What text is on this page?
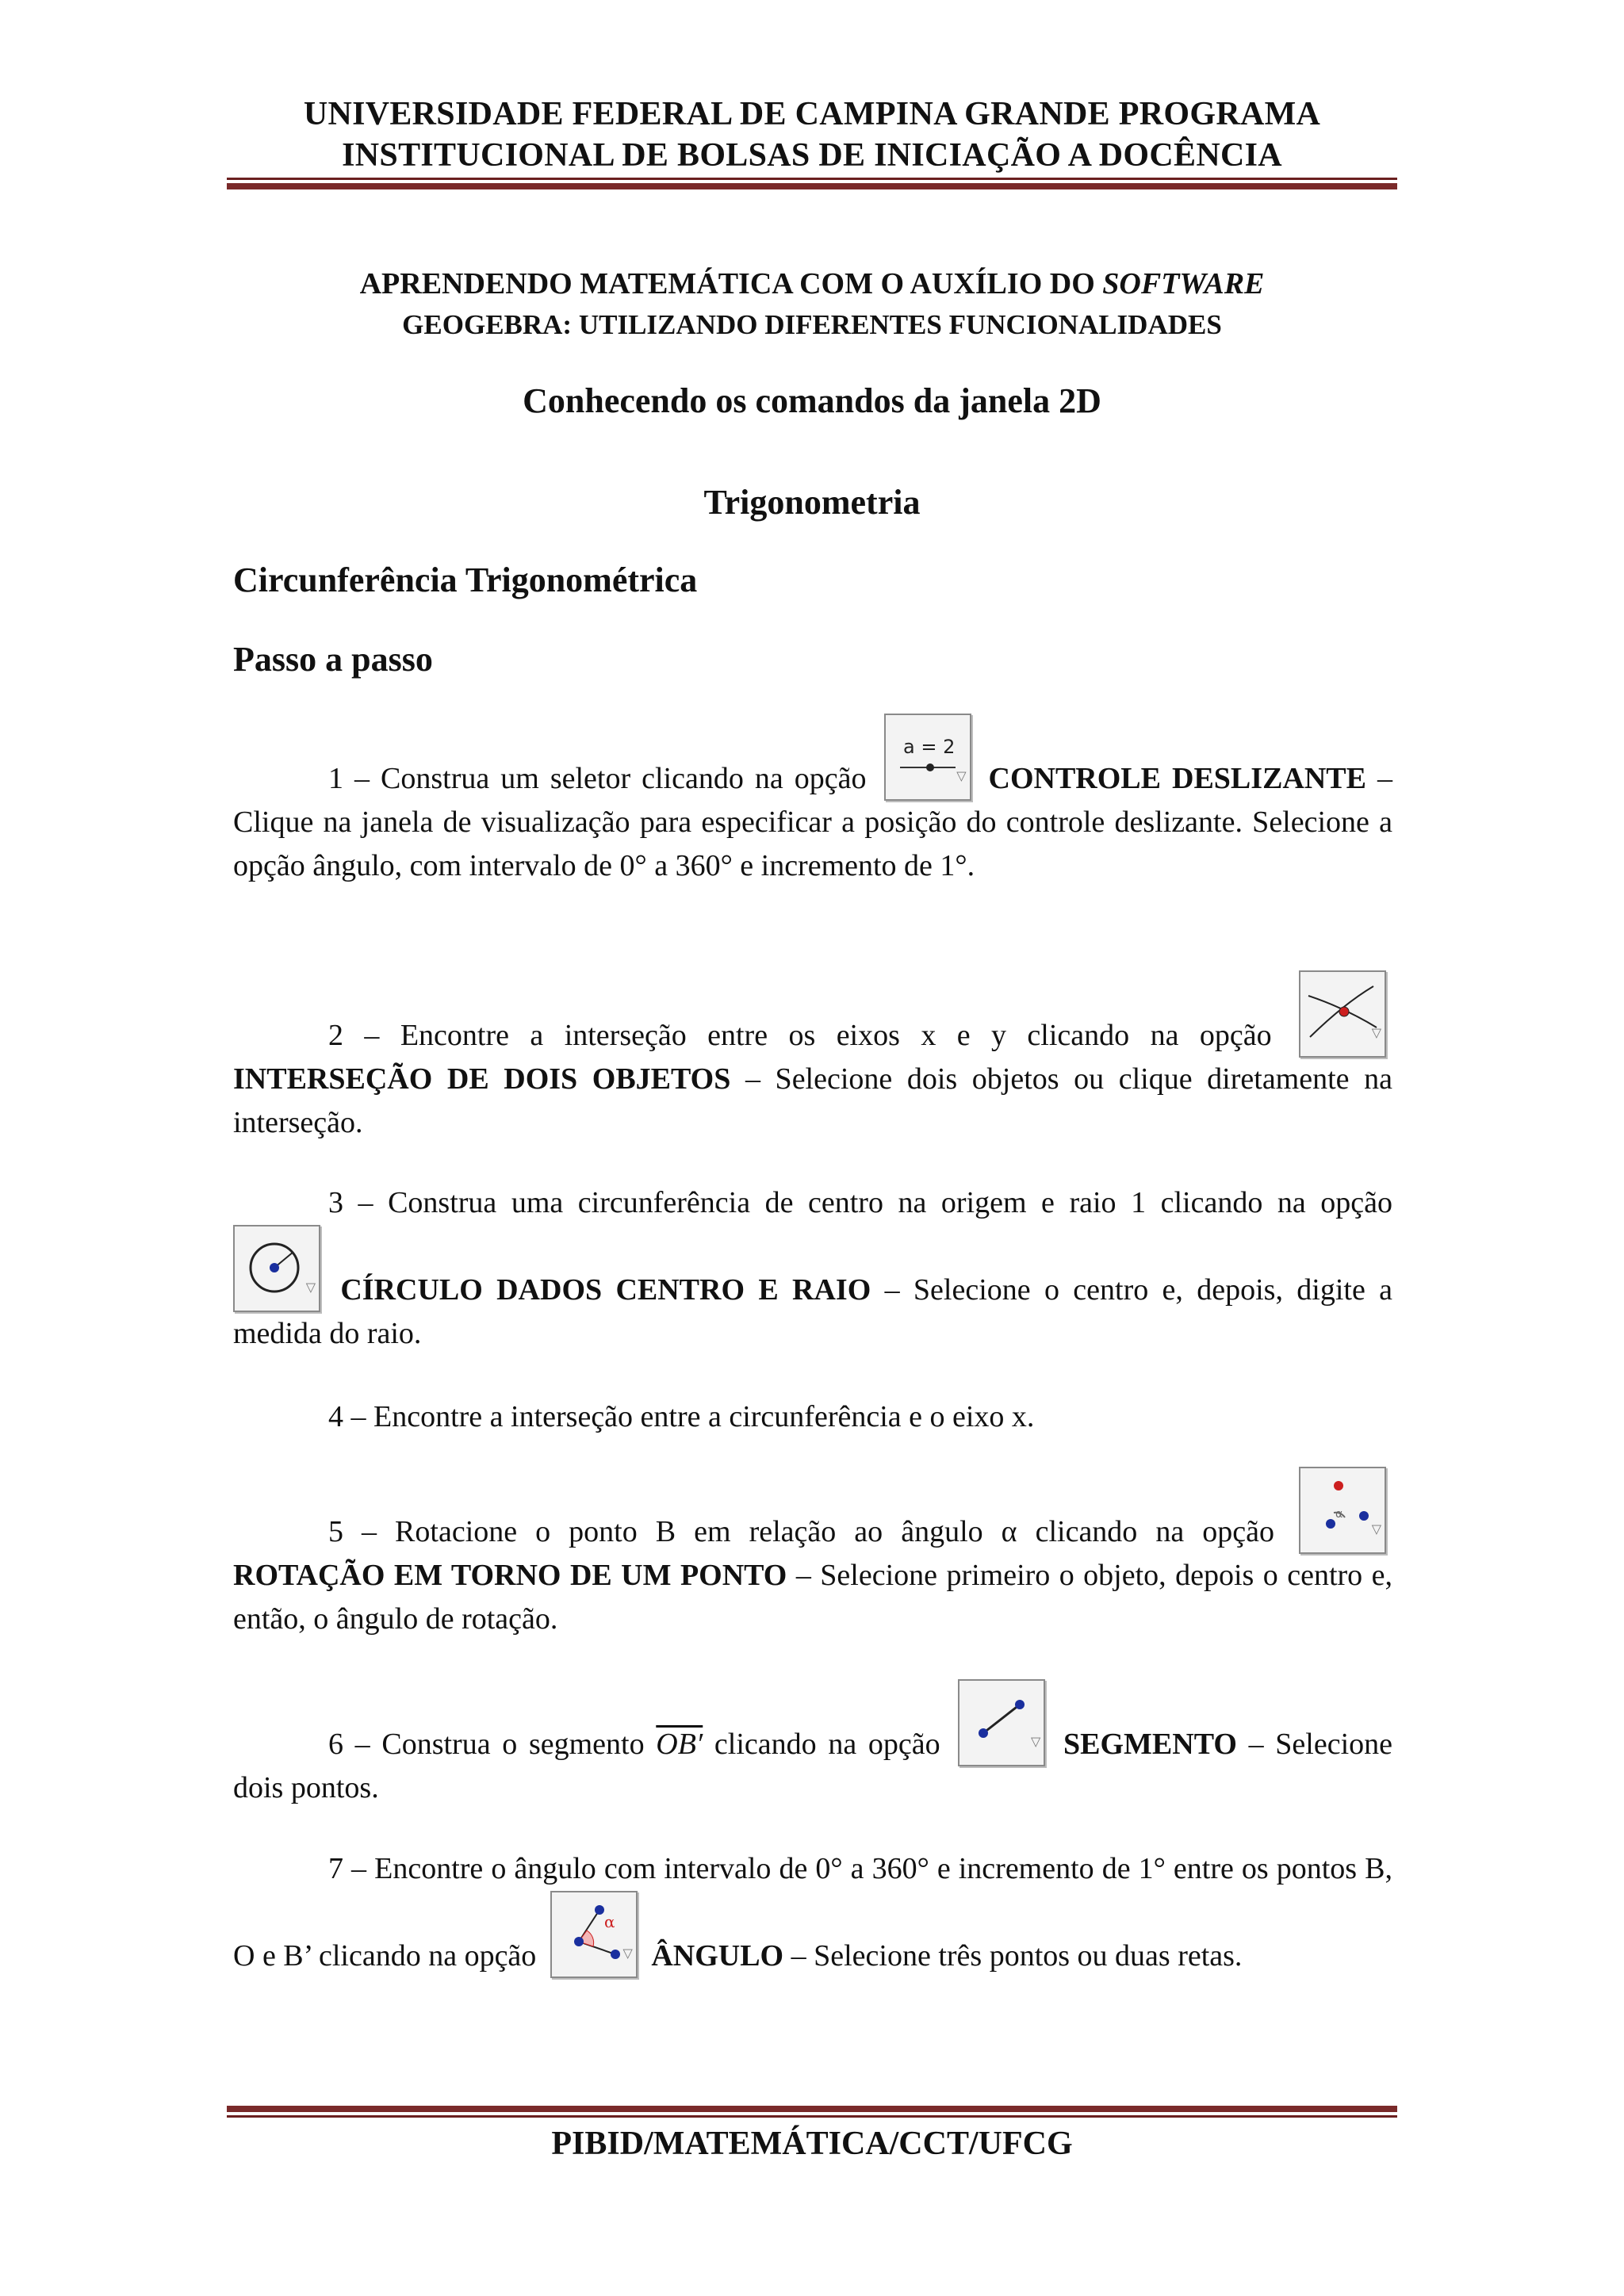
UNIVERSIDADE FEDERAL DE CAMPINA GRANDE PROGRAMA
INSTITUCIONAL DE BOLSAS DE INICIAÇÃO A DOCÊNCIA
APRENDENDO MATEMÁTICA COM O AUXÍLIO DO SOFTWARE
GEOGEBRA: UTILIZANDO DIFERENTES FUNCIONALIDADES
Conhecendo os comandos da janela 2D
Trigonometria
Circunferência Trigonométrica
Passo a passo
1 – Construa um seletor clicando na opção
a = 2
▽ CONTROLE DESLIZANTE – Clique na janela de visualização para especificar a posição do controle deslizante. Selecione a opção ângulo, com intervalo de 0° a 360° e incremento de 1°.
2 – Encontre a interseção entre os eixos x e y clicando na opção	▽
INTERSEÇÃO DE DOIS OBJETOS – Selecione dois objetos ou clique diretamente na interseção.
3 – Construa uma circunferência de centro na origem e raio 1 clicando na opção
▽ CÍRCULO DADOS CENTRO E RAIO – Selecione o centro e, depois, digite a medida do raio.
4 – Encontre a interseção entre a circunferência e o eixo x.
5 – Rotacione o ponto B em relação ao ângulo α clicando na opção
α
▽
ROTAÇÃO EM TORNO DE UM PONTO – Selecione primeiro o objeto, depois o centro e, então, o ângulo de rotação.
6 – Construa o segmento OB′ clicando na opção	▽ SEGMENTO – Selecione dois pontos.
7 – Encontre o ângulo com intervalo de 0° a 360° e incremento de 1° entre os pontos B, O e B’ clicando na opção
α
▽ ÂNGULO – Selecione três pontos ou duas retas.
PIBID/MATEMÁTICA/CCT/UFCG
